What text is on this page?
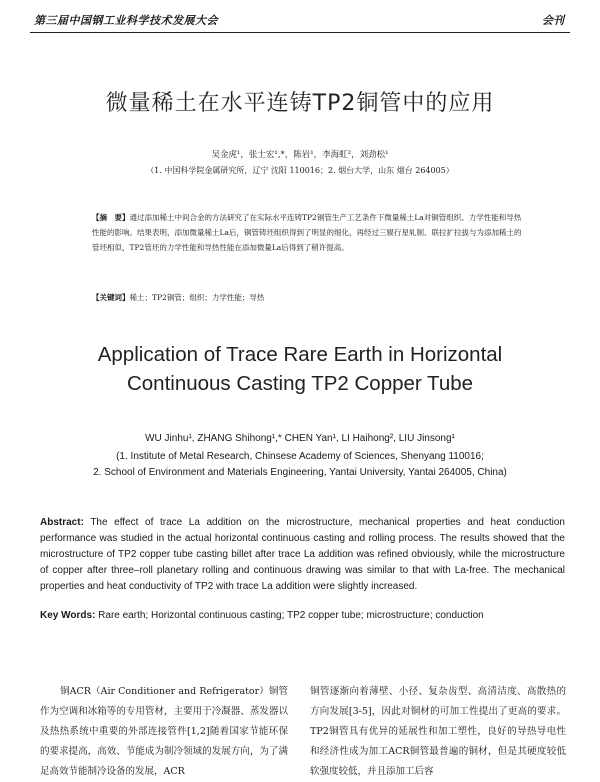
第三届中国钢工业科学技术发展大会	会刊
微量稀土在水平连铸TP2铜管中的应用
吴金虎¹，张士宏¹,*，陈岩¹，李海虹²，刘劲松¹
（1. 中国科学院金属研究所，辽宁 沈阳 110016；2. 烟台大学，山东 烟台 264005）
【摘　要】通过添加稀土中间合金的方法研究了在实际水平连铸TP2铜管生产工艺条件下微量稀土La对铜管组织、力学性能和导热性能的影响。结果表明，添加微量稀土La后，铜管铸坯组织得到了明显的细化，再经过三辊行星轧制、联拉扩拉拔与为添加稀土的管坯相似，TP2管坯的力学性能和导热性能在添加微量La后得到了稍许提高。
【关键词】稀土；TP2铜管；组织；力学性能；导热
Application of Trace Rare Earth in Horizontal
Continuous Casting TP2 Copper Tube
WU Jinhu¹, ZHANG Shihong¹,* CHEN Yan¹, LI Haihong², LIU Jinsong¹
(1. Institute of Metal Research, Chinsese Academy of Sciences, Shenyang 110016;
2. School of Environment and Materials Engineering, Yantai University, Yantai 264005, China)
Abstract: The effect of trace La addition on the microstructure, mechanical properties and heat conduction performance was studied in the actual horizontal continuous casting and rolling process. The results showed that the microstructure of TP2 copper tube casting billet after trace La addition was refined obviously, while the microstructure of copper after three–roll planetary rolling and continuous drawing was similar to that with La-free. The mechanical properties and heat conductivity of TP2 with trace La addition were slightly increased.
Key Words: Rare earth; Horizontal continuous casting; TP2 copper tube; microstructure; conduction
铜ACR（Air Conditioner and Refrigerator）铜管作为空调和冰箱等的专用管材，主要用于冷凝器、蒸发器以及热热系统中重要的外部连接管件[1,2]随着国家节能环保的要求提高，高效、节能成为制冷领域的发展方向，为了满足高效节能制冷设备的发展，ACR
铜管逐渐向着薄壁、小径、复杂齿型、高清洁度、高散热的方向发展[3-5]，因此对铜材的可加工性提出了更高的要求。TP2铜管具有优异的延展性和加工塑性，良好的导热导电性和经济性成为加工ACR铜管最普遍的铜材，但是其硬度较低软强度较低，并且添加工后容
